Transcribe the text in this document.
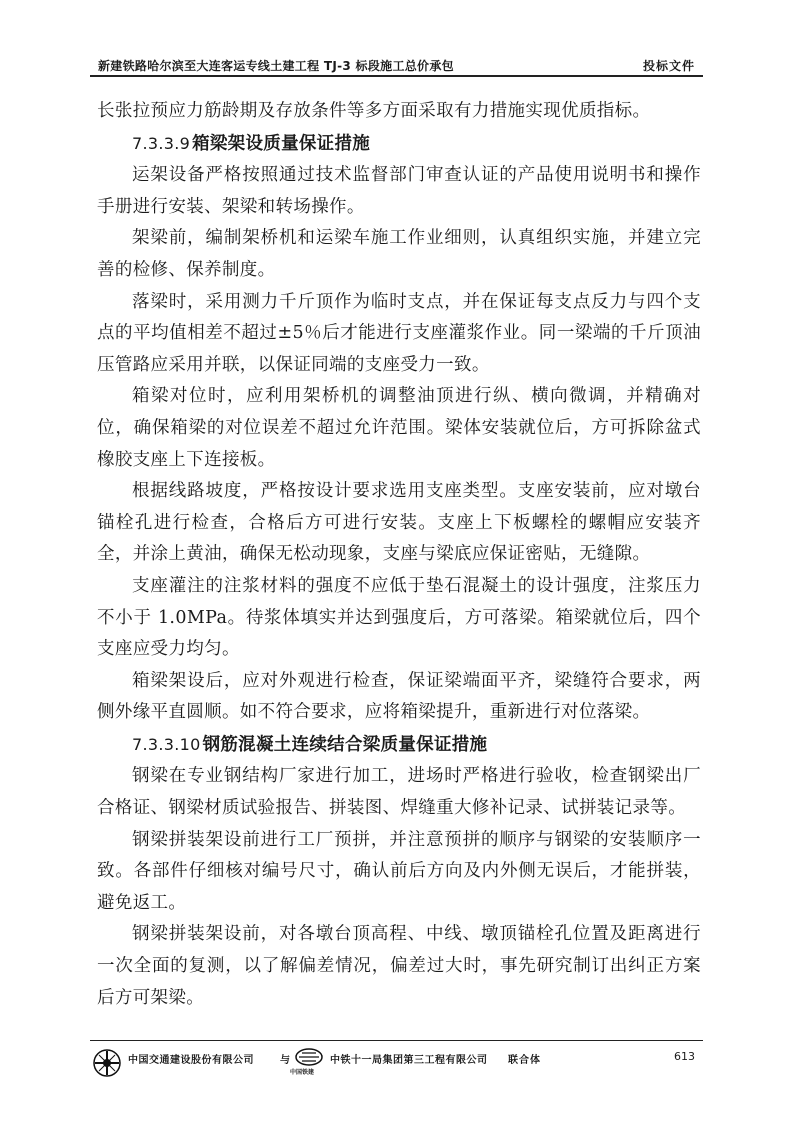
新建铁路哈尔滨至大连客运专线土建工程 TJ-3 标段施工总价承包	投标文件

长张拉预应力筋龄期及存放条件等多方面采取有力措施实现优质指标。

7.3.3.9 箱梁架设质量保证措施

运架设备严格按照通过技术监督部门审查认证的产品使用说明书和操作手册进行安装、架梁和转场操作。

架梁前，编制架桥机和运梁车施工作业细则，认真组织实施，并建立完善的检修、保养制度。

落梁时，采用测力千斤顶作为临时支点，并在保证每支点反力与四个支点的平均值相差不超过±5％后才能进行支座灌浆作业。同一梁端的千斤顶油压管路应采用并联，以保证同端的支座受力一致。

箱梁对位时，应利用架桥机的调整油顶进行纵、横向微调，并精确对位，确保箱梁的对位误差不超过允许范围。梁体安装就位后，方可拆除盆式橡胶支座上下连接板。

根据线路坡度，严格按设计要求选用支座类型。支座安装前，应对墩台锚栓孔进行检查，合格后方可进行安装。支座上下板螺栓的螺帽应安装齐全，并涂上黄油，确保无松动现象，支座与梁底应保证密贴，无缝隙。

支座灌注的注浆材料的强度不应低于垫石混凝土的设计强度，注浆压力不小于 1.0MPa。待浆体填实并达到强度后，方可落梁。箱梁就位后，四个支座应受力均匀。

箱梁架设后，应对外观进行检查，保证梁端面平齐，梁缝符合要求，两侧外缘平直圆顺。如不符合要求，应将箱梁提升，重新进行对位落梁。

7.3.3.10 钢筋混凝土连续结合梁质量保证措施

钢梁在专业钢结构厂家进行加工，进场时严格进行验收，检查钢梁出厂合格证、钢梁材质试验报告、拼装图、焊缝重大修补记录、试拼装记录等。

钢梁拼装架设前进行工厂预拼，并注意预拼的顺序与钢梁的安装顺序一致。各部件仔细核对编号尺寸，确认前后方向及内外侧无误后，才能拼装，避免返工。

钢梁拼装架设前，对各墩台顶高程、中线、墩顶锚栓孔位置及距离进行一次全面的复测，以了解偏差情况，偏差过大时，事先研究制订出纠正方案后方可架梁。

中国交通建设股份有限公司	与
中国铁建
中铁十一局集团第三工程有限公司 联合体	613
